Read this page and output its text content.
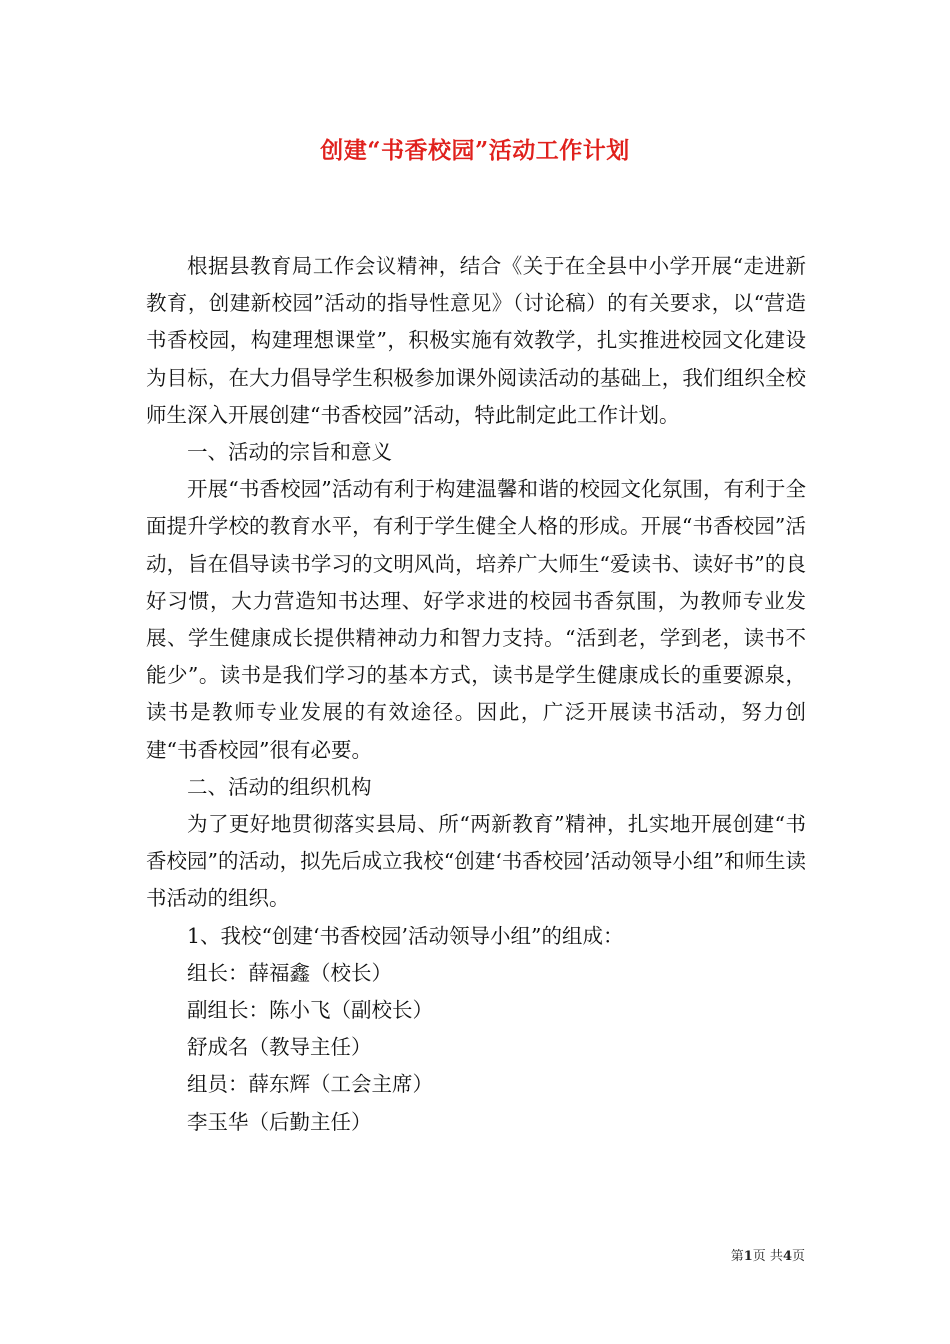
创建“书香校园”活动工作计划

根据县教育局工作会议精神，结合《关于在全县中小学开展“走进新教育，创建新校园”活动的指导性意见》（讨论稿）的有关要求，以“营造书香校园，构建理想课堂”，积极实施有效教学，扎实推进校园文化建设为目标，在大力倡导学生积极参加课外阅读活动的基础上，我们组织全校师生深入开展创建“书香校园”活动，特此制定此工作计划。

一、活动的宗旨和意义

开展“书香校园”活动有利于构建温馨和谐的校园文化氛围，有利于全面提升学校的教育水平，有利于学生健全人格的形成。开展“书香校园”活动，旨在倡导读书学习的文明风尚，培养广大师生“爱读书、读好书”的良好习惯，大力营造知书达理、好学求进的校园书香氛围，为教师专业发展、学生健康成长提供精神动力和智力支持。“活到老，学到老，读书不能少”。读书是我们学习的基本方式，读书是学生健康成长的重要源泉，读书是教师专业发展的有效途径。因此，广泛开展读书活动，努力创建“书香校园”很有必要。

二、活动的组织机构

为了更好地贯彻落实县局、所“两新教育”精神，扎实地开展创建“书香校园”的活动，拟先后成立我校“创建‘书香校园’活动领导小组”和师生读书活动的组织。

1、我校“创建‘书香校园’活动领导小组”的组成：

组长：薛福鑫（校长）

副组长：陈小飞（副校长）

舒成名（教导主任）

组员：薛东辉（工会主席）

李玉华（后勤主任）

第1页 共4页
